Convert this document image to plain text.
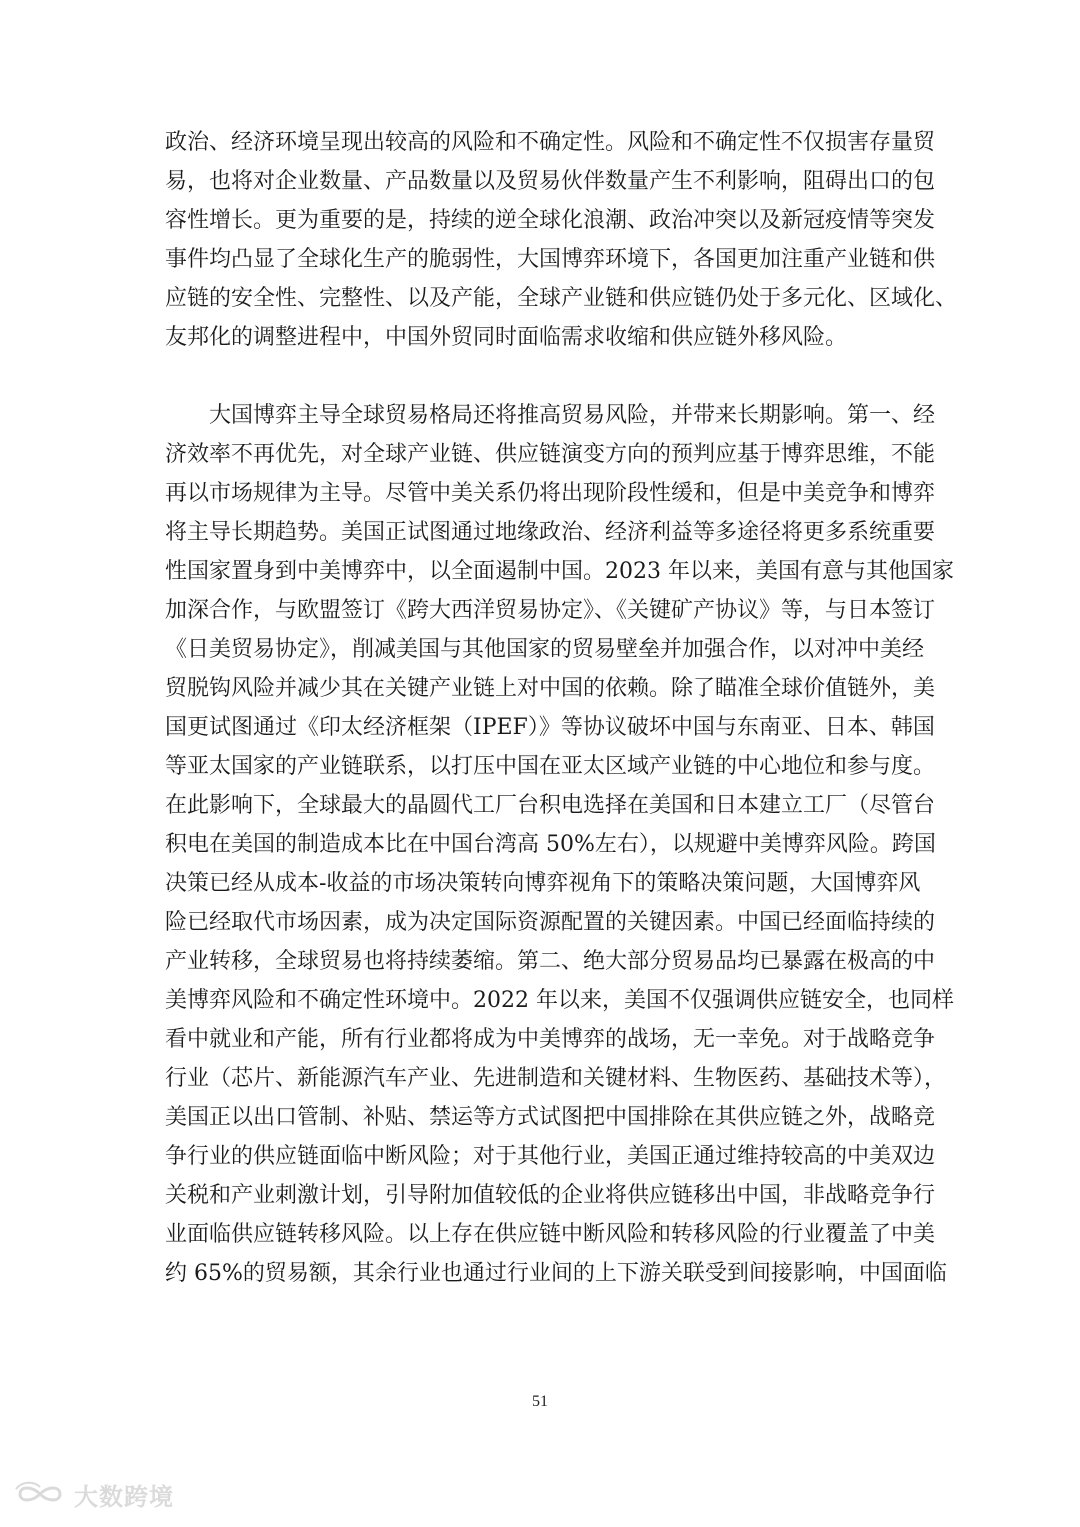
政治、经济环境呈现出较高的风险和不确定性。风险和不确定性不仅损害存量贸
易，也将对企业数量、产品数量以及贸易伙伴数量产生不利影响，阻碍出口的包
容性增长。更为重要的是，持续的逆全球化浪潮、政治冲突以及新冠疫情等突发
事件均凸显了全球化生产的脆弱性，大国博弈环境下，各国更加注重产业链和供
应链的安全性、完整性、以及产能，全球产业链和供应链仍处于多元化、区域化、
友邦化的调整进程中，中国外贸同时面临需求收缩和供应链外移风险。
大国博弈主导全球贸易格局还将推高贸易风险，并带来长期影响。第一、经
济效率不再优先，对全球产业链、供应链演变方向的预判应基于博弈思维，不能
再以市场规律为主导。尽管中美关系仍将出现阶段性缓和，但是中美竞争和博弈
将主导长期趋势。美国正试图通过地缘政治、经济利益等多途径将更多系统重要
性国家置身到中美博弈中，以全面遏制中国。2023 年以来，美国有意与其他国家
加深合作，与欧盟签订《跨大西洋贸易协定》、《关键矿产协议》等，与日本签订
《日美贸易协定》，削减美国与其他国家的贸易壁垒并加强合作，以对冲中美经
贸脱钩风险并减少其在关键产业链上对中国的依赖。除了瞄准全球价值链外，美
国更试图通过《印太经济框架（IPEF）》等协议破坏中国与东南亚、日本、韩国
等亚太国家的产业链联系，以打压中国在亚太区域产业链的中心地位和参与度。
在此影响下，全球最大的晶圆代工厂台积电选择在美国和日本建立工厂（尽管台
积电在美国的制造成本比在中国台湾高 50%左右），以规避中美博弈风险。跨国
决策已经从成本-收益的市场决策转向博弈视角下的策略决策问题，大国博弈风
险已经取代市场因素，成为决定国际资源配置的关键因素。中国已经面临持续的
产业转移，全球贸易也将持续萎缩。第二、绝大部分贸易品均已暴露在极高的中
美博弈风险和不确定性环境中。2022 年以来，美国不仅强调供应链安全，也同样
看中就业和产能，所有行业都将成为中美博弈的战场，无一幸免。对于战略竞争
行业（芯片、新能源汽车产业、先进制造和关键材料、生物医药、基础技术等），
美国正以出口管制、补贴、禁运等方式试图把中国排除在其供应链之外，战略竞
争行业的供应链面临中断风险；对于其他行业，美国正通过维持较高的中美双边
关税和产业刺激计划，引导附加值较低的企业将供应链移出中国，非战略竞争行
业面临供应链转移风险。以上存在供应链中断风险和转移风险的行业覆盖了中美
约 65%的贸易额，其余行业也通过行业间的上下游关联受到间接影响，中国面临
51
大数跨境
